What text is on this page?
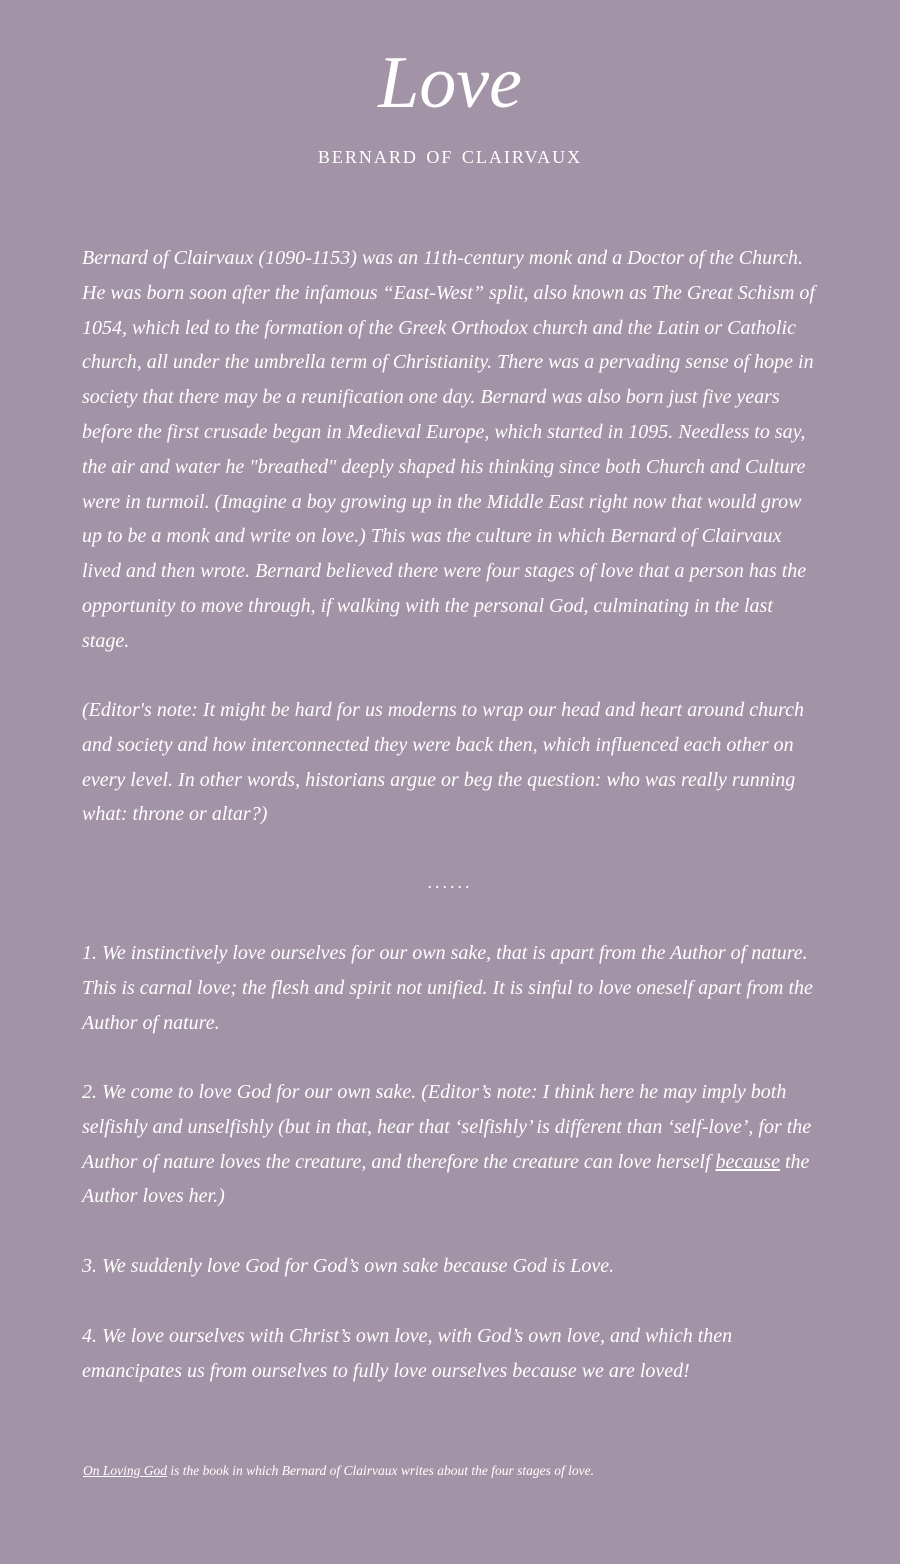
Love
bernard of clairvaux

Bernard of Clairvaux (1090-1153) was an 11th-century monk and a Doctor of the Church. He was born soon after the infamous “East-West” split, also known as The Great Schism of 1054, which led to the formation of the Greek Orthodox church and the Latin or Catholic church, all under the umbrella term of Christianity. There was a pervading sense of hope in society that there may be a reunification one day. Bernard was also born just five years before the first crusade began in Medieval Europe, which started in 1095. Needless to say, the air and water he "breathed" deeply shaped his thinking since both Church and Culture were in turmoil. (Imagine a boy growing up in the Middle East right now that would grow up to be a monk and write on love.) This was the culture in which Bernard of Clairvaux lived and then wrote. Bernard believed there were four stages of love that a person has the opportunity to move through, if walking with the personal God, culminating in the last stage.

(Editor's note: It might be hard for us moderns to wrap our head and heart around church and society and how interconnected they were back then, which influenced each other on every level. In other words, historians argue or beg the question: who was really running what: throne or altar?)

......

1. We instinctively love ourselves for our own sake, that is apart from the Author of nature. This is carnal love; the flesh and spirit not unified. It is sinful to love oneself apart from the Author of nature.

2. We come to love God for our own sake. (Editor’s note: I think here he may imply both selfishly and unselfishly (but in that, hear that ‘selfishly’ is different than ‘self-love’, for the Author of nature loves the creature, and therefore the creature can love herself because the Author loves her.)

3. We suddenly love God for God’s own sake because God is Love.

4. We love ourselves with Christ’s own love, with God’s own love, and which then emancipates us from ourselves to fully love ourselves because we are loved!

On Loving God is the book in which Bernard of Clairvaux writes about the four stages of love.
